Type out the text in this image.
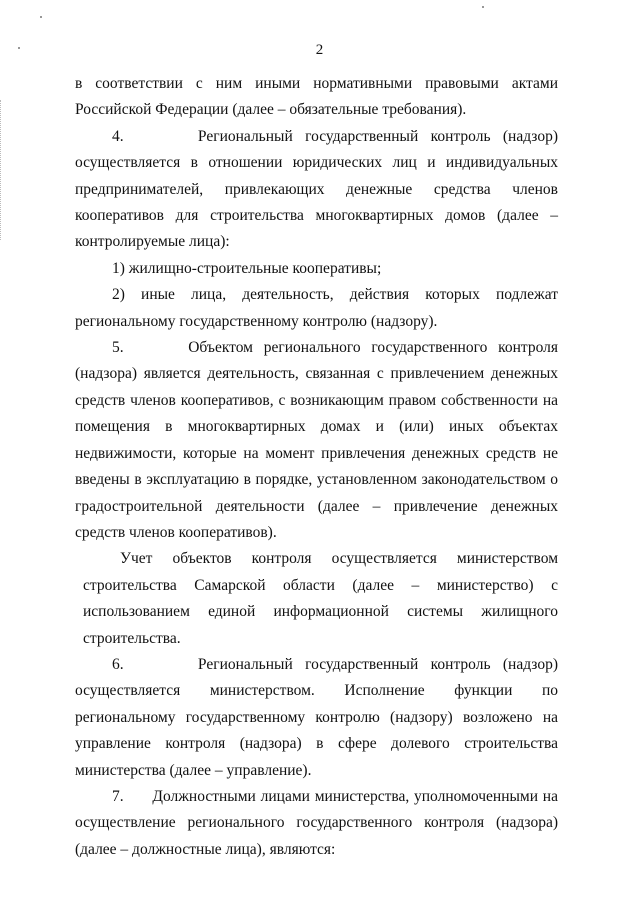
2

в соответствии с ним иными нормативными правовыми актами Российской Федерации (далее – обязательные требования).

4.      Региональный государственный контроль (надзор) осуществляется в отношении юридических лиц и индивидуальных предпринимателей, привлекающих денежные средства членов кооперативов для строительства многоквартирных домов (далее – контролируемые лица):

1) жилищно-строительные кооперативы;

2) иные лица, деятельность, действия которых подлежат региональному государственному контролю (надзору).

5.      Объектом регионального государственного контроля (надзора) является деятельность, связанная с привлечением денежных средств членов кооперативов, с возникающим правом собственности на помещения в многоквартирных домах и (или) иных объектах недвижимости, которые на момент привлечения денежных средств не введены в эксплуатацию в порядке, установленном законодательством о градостроительной деятельности (далее – привлечение денежных средств членов кооперативов).

Учет объектов контроля осуществляется министерством строительства Самарской области (далее – министерство) с использованием единой информационной системы жилищного строительства.

6.      Региональный государственный контроль (надзор) осуществляется министерством. Исполнение функции по региональному государственному контролю (надзору) возложено на управление контроля (надзора) в сфере долевого строительства министерства (далее – управление).

7.      Должностными лицами министерства, уполномоченными на осуществление регионального государственного контроля (надзора) (далее – должностные лица), являются:
